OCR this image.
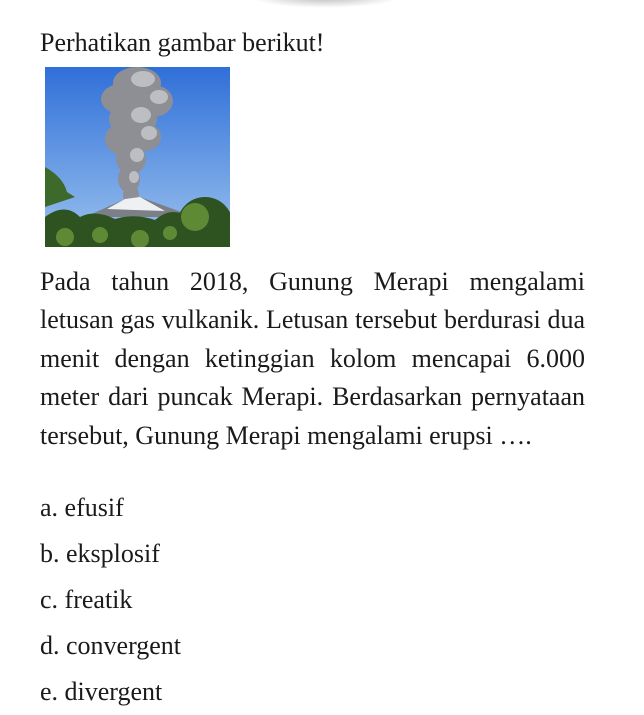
Perhatikan gambar berikut!
Pada tahun 2018, Gunung Merapi mengalami letusan gas vulkanik. Letusan tersebut berdurasi dua menit dengan ketinggian kolom mencapai 6.000 meter dari puncak Merapi. Berdasarkan pernyataan tersebut, Gunung Merapi mengalami erupsi ….
a. efusif
b. eksplosif
c. freatik
d. convergent
e. divergent
